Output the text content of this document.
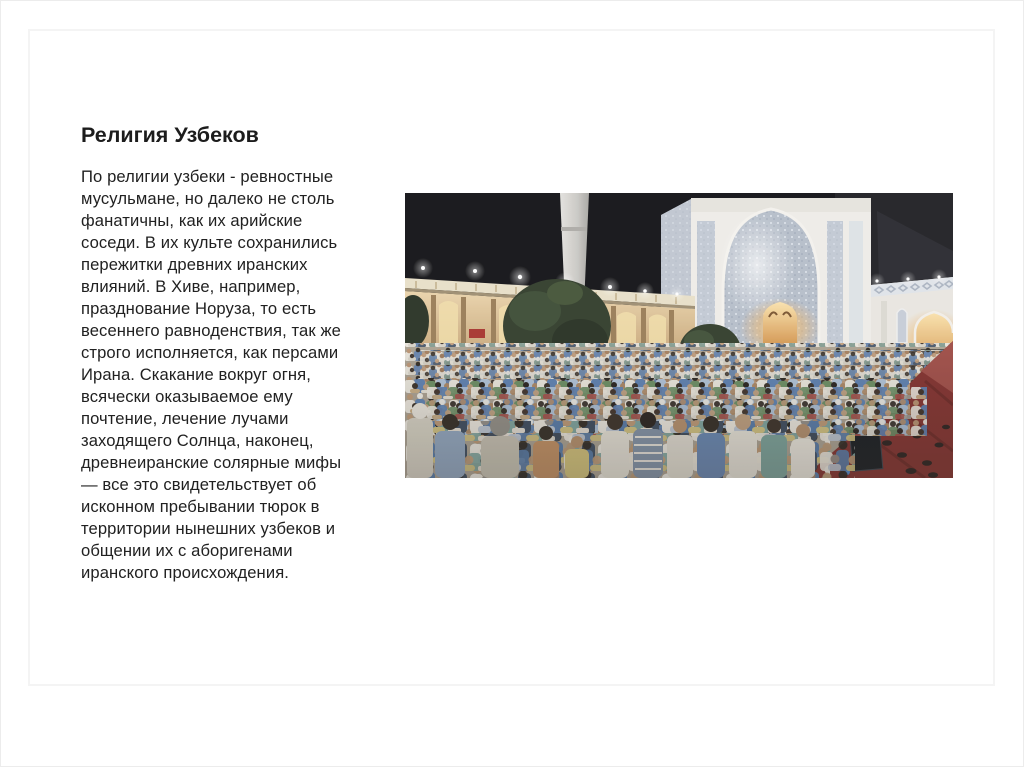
Религия Узбеков

По религии узбеки - ревностные
мусульмане, но далеко не столь
фанатичны, как их арийские
соседи. В их культе сохранились
пережитки древних иранских
влияний. В Хиве, например,
празднование Норуза, то есть
весеннего равноденствия, так же
строго исполняется, как персами
Ирана. Скакание вокруг огня,
всячески оказываемое ему
почтение, лечение лучами
заходящего Солнца, наконец,
древнеиранские солярные мифы
— все это свидетельствует об
исконном пребывании тюрок в
территории нынешних узбеков и
общении их с аборигенами
иранского происхождения.
